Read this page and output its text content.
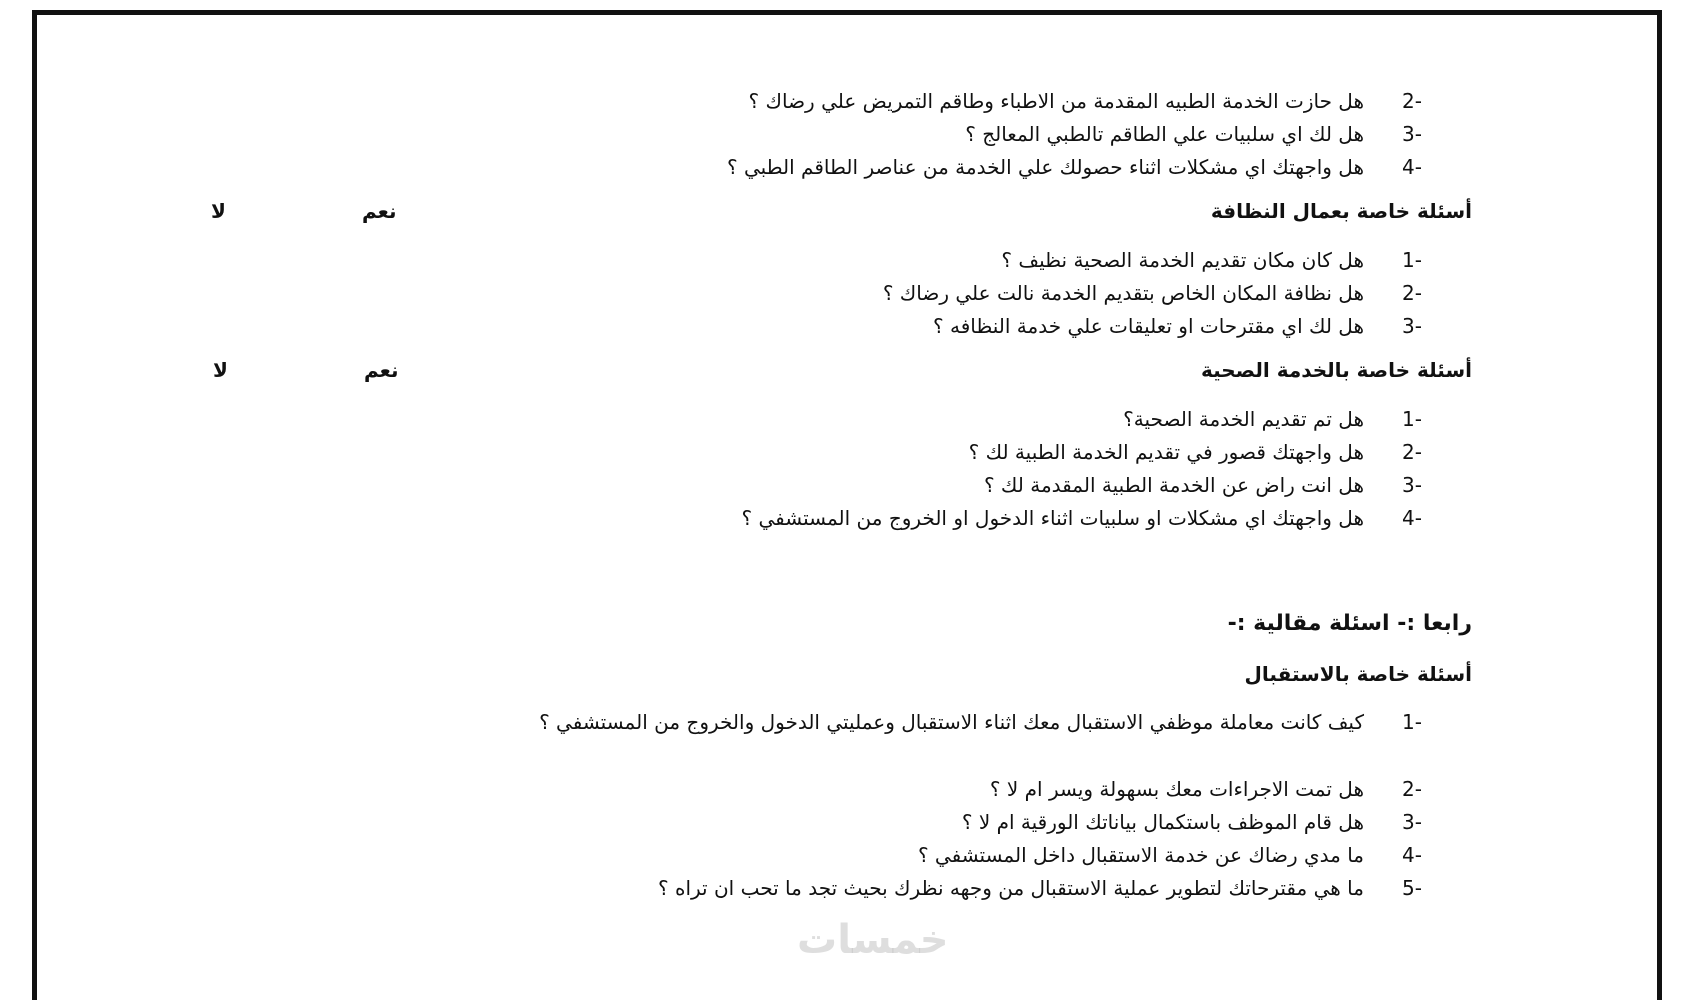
-2هل حازت الخدمة الطبيه المقدمة من الاطباء وطاقم التمريض علي رضاك ؟
-3هل لك اي سلبيات علي الطاقم تالطبي المعالج ؟
-4هل واجهتك اي مشكلات اثناء حصولك علي الخدمة من عناصر الطاقم الطبي ؟
أسئلة خاصة بعمال النظافة
نعم
لا
-1هل كان مكان تقديم الخدمة الصحية نظيف ؟
-2هل نظافة المكان الخاص بتقديم الخدمة نالت علي رضاك ؟
-3هل لك اي مقترحات او تعليقات علي خدمة النظافه ؟
أسئلة خاصة بالخدمة الصحية
نعم
لا
-1هل تم تقديم الخدمة الصحية؟
-2هل واجهتك قصور في تقديم الخدمة الطبية لك ؟
-3هل انت راض عن الخدمة الطبية المقدمة لك ؟
-4هل واجهتك اي مشكلات او سلبيات اثناء الدخول او الخروج من المستشفي ؟
رابعا :- اسئلة مقالية :-
أسئلة خاصة بالاستقبال
-1
كيف كانت معاملة موظفي الاستقبال معك اثناء الاستقبال وعمليتي الدخول والخروج من المستشفي ؟
-2هل تمت الاجراءات معك بسهولة ويسر ام لا ؟
-3هل قام الموظف باستكمال بياناتك الورقية ام لا ؟
-4ما مدي رضاك عن خدمة الاستقبال داخل المستشفي ؟
-5ما هي مقترحاتك لتطوير عملية الاستقبال من وجهه نظرك بحيث تجد ما تحب ان تراه ؟
خمسات
